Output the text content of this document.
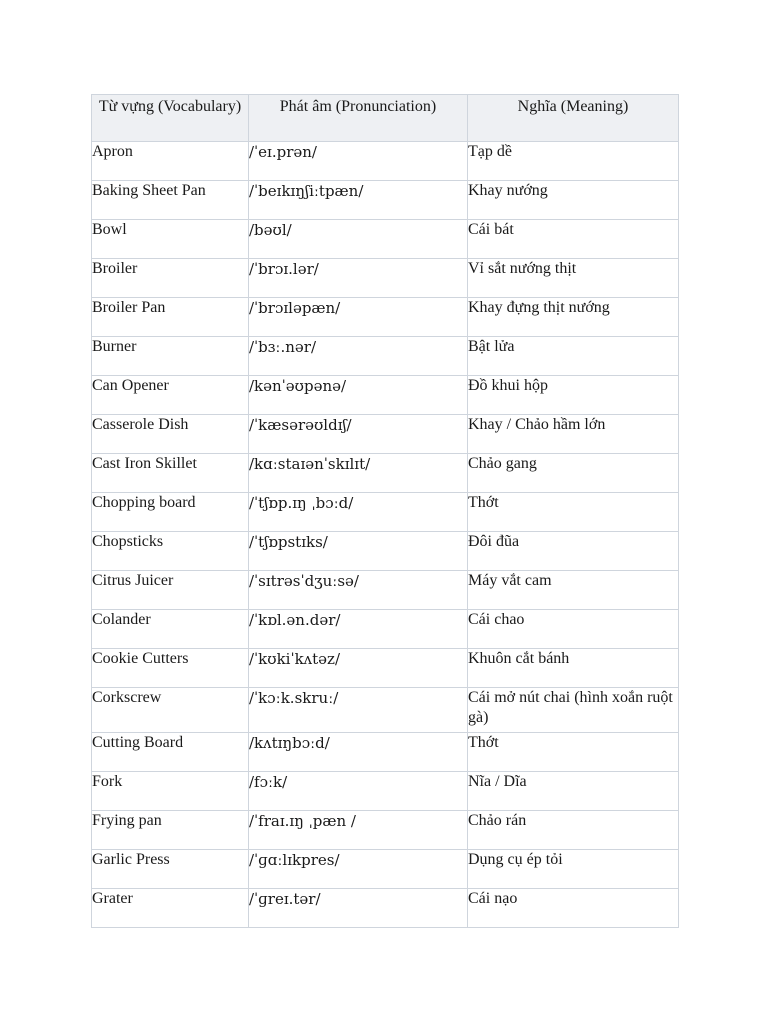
Từ vựng (Vocabulary)	Phát âm (Pronunciation)	Nghĩa (Meaning)
Apron	/ˈeɪ.prən/	Tạp dề
Baking Sheet Pan	/ˈbeɪkɪŋʃiːtpæn/	Khay nướng
Bowl	/bəʊl/	Cái bát
Broiler	/ˈbrɔɪ.lər/	Vỉ sắt nướng thịt
Broiler Pan	/ˈbrɔɪləpæn/	Khay đựng thịt nướng
Burner	/ˈbɜː.nər/	Bật lửa
Can Opener	/kənˈəʊpənə/	Đồ khui hộp
Casserole Dish	/ˈkæsərəʊldɪʃ/	Khay / Chảo hầm lớn
Cast Iron Skillet	/kɑːstaɪənˈskɪlɪt/	Chảo gang
Chopping board	/ˈtʃɒp.ɪŋ ˌbɔːd/	Thớt
Chopsticks	/ˈtʃɒpstɪks/	Đôi đũa
Citrus Juicer	/ˈsɪtrəsˈdʒuːsə/	Máy vắt cam
Colander	/ˈkɒl.ən.dər/	Cái chao
Cookie Cutters	/ˈkʊkiˈkʌtəz/	Khuôn cắt bánh
Corkscrew	/ˈkɔːk.skruː/	Cái mở nút chai (hình xoắn ruột gà)
Cutting Board	/kʌtɪŋbɔːd/	Thớt
Fork	/fɔːk/	Nĩa / Dĩa
Frying pan	/ˈfraɪ.ɪŋ ˌpæn /	Chảo rán
Garlic Press	/ˈɡɑːlɪkpres/	Dụng cụ ép tỏi
Grater	/ˈɡreɪ.tər/	Cái nạo
